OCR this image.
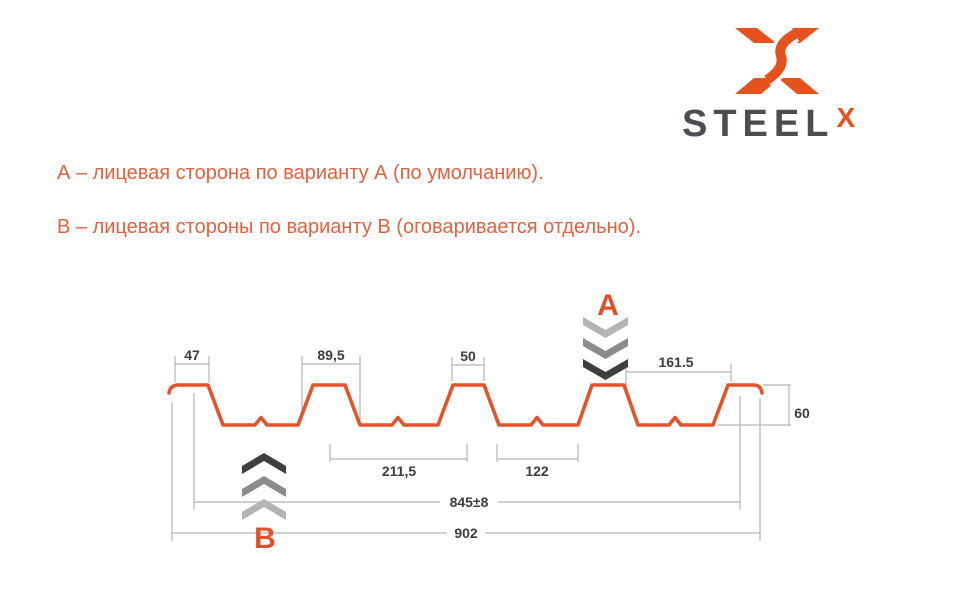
STEELX
А – лицевая сторона по варианту А (по умолчанию).
В – лицевая стороны по варианту В (оговаривается отдельно).
47	89,5	50	161.5
60
211,5	122
845±8
902
A
B
